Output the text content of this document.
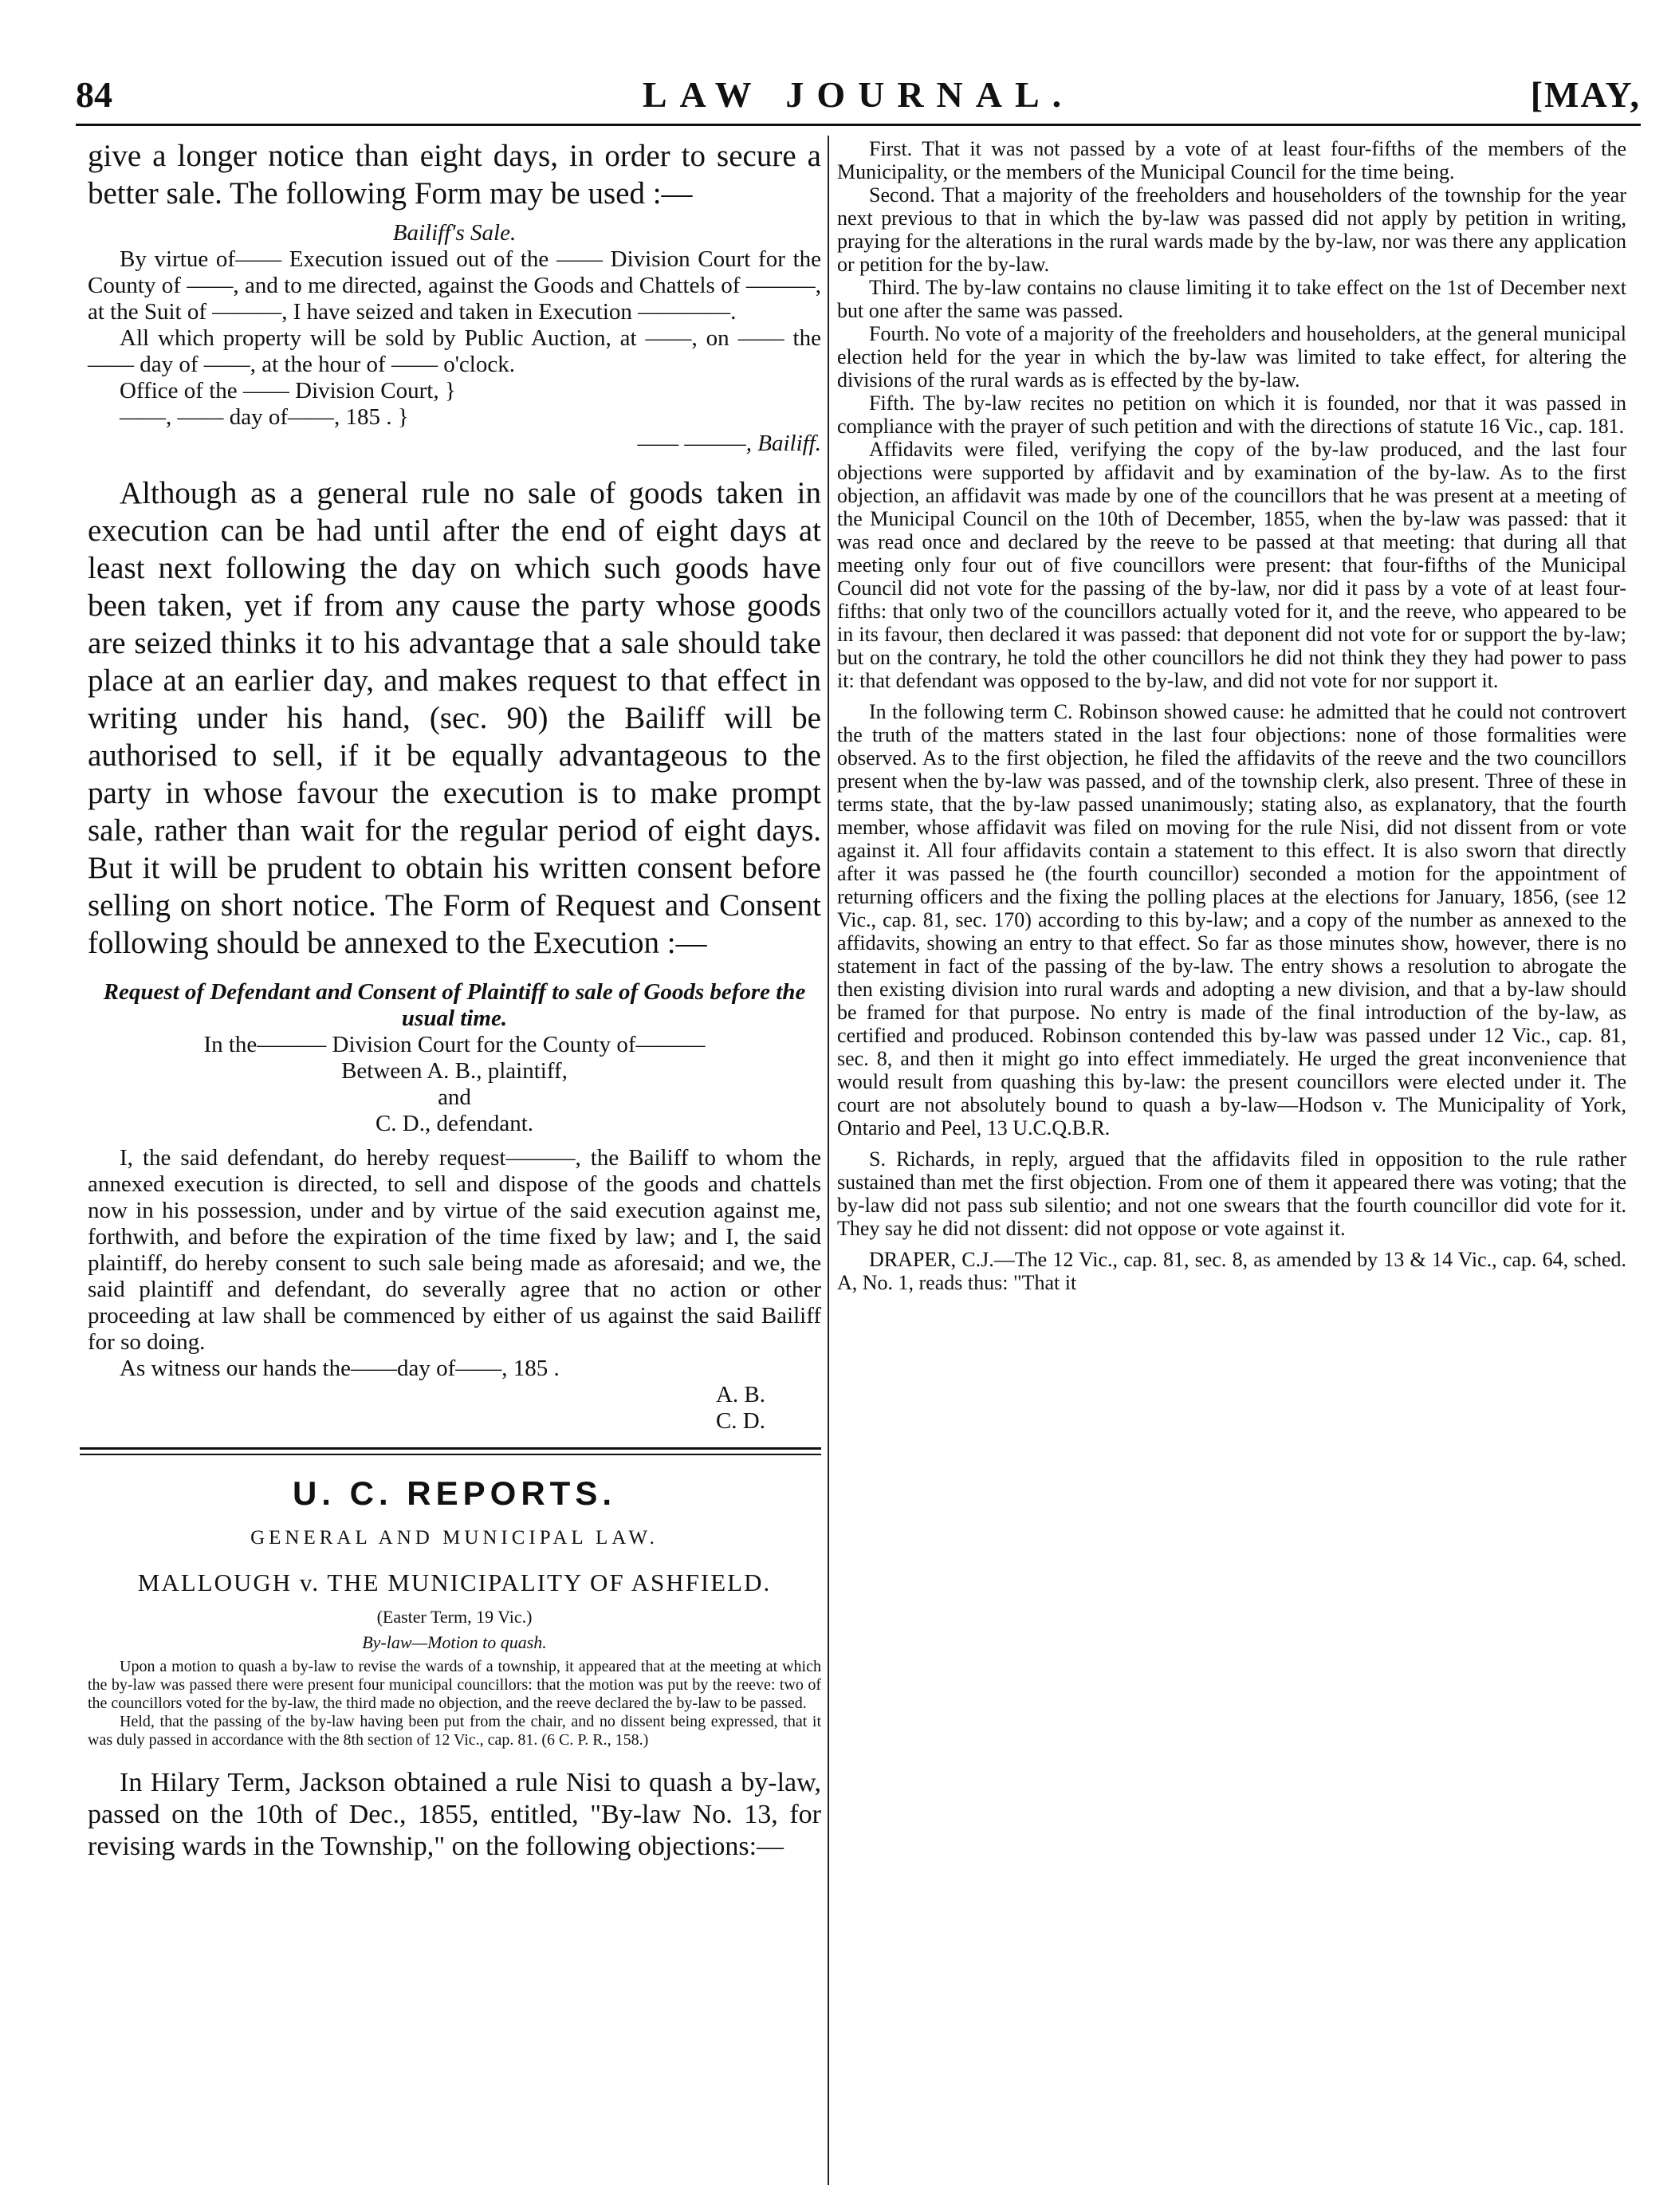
84	LAW JOURNAL.	[MAY,

give a longer notice than eight days, in order to secure a better sale. The following Form may be used :—

Bailiff's Sale.

By virtue of—— Execution issued out of the —— Division Court for the County of ——, and to me directed, against the Goods and Chattels of ———, at the Suit of ———, I have seized and taken in Execution ————.

All which property will be sold by Public Auction, at ——, on —— the —— day of ——, at the hour of —— o'clock.

Office of the —— Division Court, }

——, —— day of——, 185 . }

—— ———, Bailiff.

Although as a general rule no sale of goods taken in execution can be had until after the end of eight days at least next following the day on which such goods have been taken, yet if from any cause the party whose goods are seized thinks it to his advantage that a sale should take place at an earlier day, and makes request to that effect in writing under his hand, (sec. 90) the Bailiff will be authorised to sell, if it be equally advantageous to the party in whose favour the execution is to make prompt sale, rather than wait for the regular period of eight days. But it will be prudent to obtain his written consent before selling on short notice. The Form of Request and Consent following should be annexed to the Execution :—

Request of Defendant and Consent of Plaintiff to sale of Goods before the usual time.

In the——— Division Court for the County of———

Between A. B., plaintiff,

and

C. D., defendant.

I, the said defendant, do hereby request———, the Bailiff to whom the annexed execution is directed, to sell and dispose of the goods and chattels now in his possession, under and by virtue of the said execution against me, forthwith, and before the expiration of the time fixed by law; and I, the said plaintiff, do hereby consent to such sale being made as aforesaid; and we, the said plaintiff and defendant, do severally agree that no action or other proceeding at law shall be commenced by either of us against the said Bailiff for so doing.

As witness our hands the——day of——, 185 .

A. B.

C. D.

U. C. REPORTS.
GENERAL AND MUNICIPAL LAW.
MALLOUGH v. THE MUNICIPALITY OF ASHFIELD.
(Easter Term, 19 Vic.)
By-law—Motion to quash.

Upon a motion to quash a by-law to revise the wards of a township, it appeared that at the meeting at which the by-law was passed there were present four municipal councillors: that the motion was put by the reeve: two of the councillors voted for the by-law, the third made no objection, and the reeve declared the by-law to be passed.

Held, that the passing of the by-law having been put from the chair, and no dissent being expressed, that it was duly passed in accordance with the 8th section of 12 Vic., cap. 81. (6 C. P. R., 158.)

In Hilary Term, Jackson obtained a rule Nisi to quash a by-law, passed on the 10th of Dec., 1855, entitled, "By-law No. 13, for revising wards in the Township," on the following objections:—

First. That it was not passed by a vote of at least four-fifths of the members of the Municipality, or the members of the Municipal Council for the time being.

Second. That a majority of the freeholders and householders of the township for the year next previous to that in which the by-law was passed did not apply by petition in writing, praying for the alterations in the rural wards made by the by-law, nor was there any application or petition for the by-law.

Third. The by-law contains no clause limiting it to take effect on the 1st of December next but one after the same was passed.

Fourth. No vote of a majority of the freeholders and householders, at the general municipal election held for the year in which the by-law was limited to take effect, for altering the divisions of the rural wards as is effected by the by-law.

Fifth. The by-law recites no petition on which it is founded, nor that it was passed in compliance with the prayer of such petition and with the directions of statute 16 Vic., cap. 181.

Affidavits were filed, verifying the copy of the by-law produced, and the last four objections were supported by affidavit and by examination of the by-law. As to the first objection, an affidavit was made by one of the councillors that he was present at a meeting of the Municipal Council on the 10th of December, 1855, when the by-law was passed: that it was read once and declared by the reeve to be passed at that meeting: that during all that meeting only four out of five councillors were present: that four-fifths of the Municipal Council did not vote for the passing of the by-law, nor did it pass by a vote of at least four-fifths: that only two of the councillors actually voted for it, and the reeve, who appeared to be in its favour, then declared it was passed: that deponent did not vote for or support the by-law; but on the contrary, he told the other councillors he did not think they they had power to pass it: that defendant was opposed to the by-law, and did not vote for nor support it.

In the following term C. Robinson showed cause: he admitted that he could not controvert the truth of the matters stated in the last four objections: none of those formalities were observed. As to the first objection, he filed the affidavits of the reeve and the two councillors present when the by-law was passed, and of the township clerk, also present. Three of these in terms state, that the by-law passed unanimously; stating also, as explanatory, that the fourth member, whose affidavit was filed on moving for the rule Nisi, did not dissent from or vote against it. All four affidavits contain a statement to this effect. It is also sworn that directly after it was passed he (the fourth councillor) seconded a motion for the appointment of returning officers and the fixing the polling places at the elections for January, 1856, (see 12 Vic., cap. 81, sec. 170) according to this by-law; and a copy of the number as annexed to the affidavits, showing an entry to that effect. So far as those minutes show, however, there is no statement in fact of the passing of the by-law. The entry shows a resolution to abrogate the then existing division into rural wards and adopting a new division, and that a by-law should be framed for that purpose. No entry is made of the final introduction of the by-law, as certified and produced. Robinson contended this by-law was passed under 12 Vic., cap. 81, sec. 8, and then it might go into effect immediately. He urged the great inconvenience that would result from quashing this by-law: the present councillors were elected under it. The court are not absolutely bound to quash a by-law—Hodson v. The Municipality of York, Ontario and Peel, 13 U.C.Q.B.R.

S. Richards, in reply, argued that the affidavits filed in opposition to the rule rather sustained than met the first objection. From one of them it appeared there was voting; that the by-law did not pass sub silentio; and not one swears that the fourth councillor did vote for it. They say he did not dissent: did not oppose or vote against it.

DRAPER, C.J.—The 12 Vic., cap. 81, sec. 8, as amended by 13 & 14 Vic., cap. 64, sched. A, No. 1, reads thus: "That it
